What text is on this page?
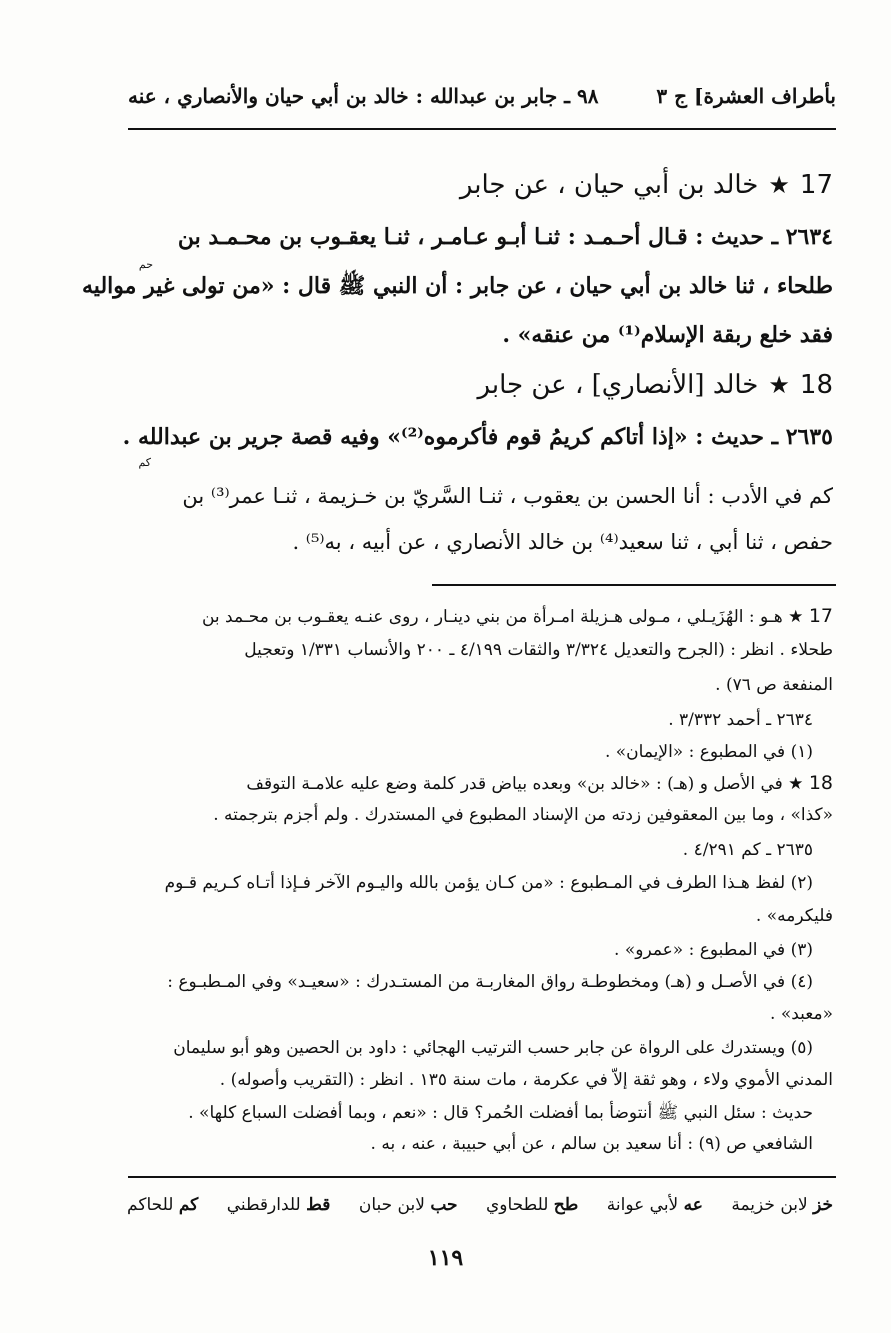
بأطراف العشرة] ج ٣
٩٨ ـ جابر بن عبدالله : خالد بن أبي حيان والأنصاري ، عنه
17★خالد بن أبي حيان ، عن جابر
٢٦٣٤ ـ حديث : قـال أحـمـد : ثنـا أبـو عـامـر ، ثنـا يعقـوب بن محـمـد بن
حم
طلحاء ، ثنا خالد بن أبي حيان ، عن جابر : أن النبي ﷺ قال : «من تولى غير مواليه
فقد خلع ربقة الإسلام⁽¹⁾ من عنقه» .
18★خالد [الأنصاري] ، عن جابر
٢٦٣٥ ـ حديث : «إذا أتاكم كريمُ قوم فأكرموه⁽²⁾» وفيه قصة جرير بن عبدالله .
كم
كم في الأدب : أنا الحسن بن يعقوب ، ثنـا السَّريّ بن خـزيمة ، ثنـا عمر⁽³⁾ بن
حفص ، ثنا أبي ، ثنا سعيد⁽⁴⁾ بن خالد الأنصاري ، عن أبيه ، به⁽⁵⁾ .
17 ★ هـو : الهُزَيـلي ، مـولى هـزيلة امـرأة من بني دينـار ، روى عنـه يعقـوب بن محـمد بن
طحلاء . انظر : (الجرح والتعديل ٣/٣٢٤ والثقات ٤/١٩٩ ـ ٢٠٠ والأنساب ١/٣٣١ وتعجيل
المنفعة ص ٧٦) .
٢٦٣٤ ـ أحمد ٣/٣٣٢ .
(١) في المطبوع : «الإيمان» .
18 ★ في الأصل و (هـ) : «خالد بن» وبعده بياض قدر كلمة وضع عليه علامـة التوقف
«كذا» ، وما بين المعقوفين زدته من الإسناد المطبوع في المستدرك . ولم أجزم بترجمته .
٢٦٣٥ ـ كم ٤/٢٩١ .
(٢) لفظ هـذا الطرف في المـطبوع : «من كـان يؤمن بالله واليـوم الآخر فـإذا أتـاه كـريم قـوم
فليكرمه» .
(٣) في المطبوع : «عمرو» .
(٤) في الأصـل و (هـ) ومخطوطـة رواق المغاربـة من المستـدرك : «سعيـد» وفي المـطبـوع :
«معبد» .
(٥) ويستدرك على الرواة عن جابر حسب الترتيب الهجائي : داود بن الحصين وهو أبو سليمان
المدني الأموي ولاء ، وهو ثقة إلاّ في عكرمة ، مات سنة ١٣٥ . انظر : (التقريب وأصوله) .
حديث : سئل النبي ﷺ أنتوضأ بما أفضلت الحُمر؟ قال : «نعم ، وبما أفضلت السباع كلها» .
الشافعي ص (٩) : أنا سعيد بن سالم ، عن أبي حبيبة ، عنه ، به .
خز لابن خزيمة
عه لأبي عوانة
طح للطحاوي
حب لابن حبان
قط للدارقطني
كم للحاكم
١١٩
